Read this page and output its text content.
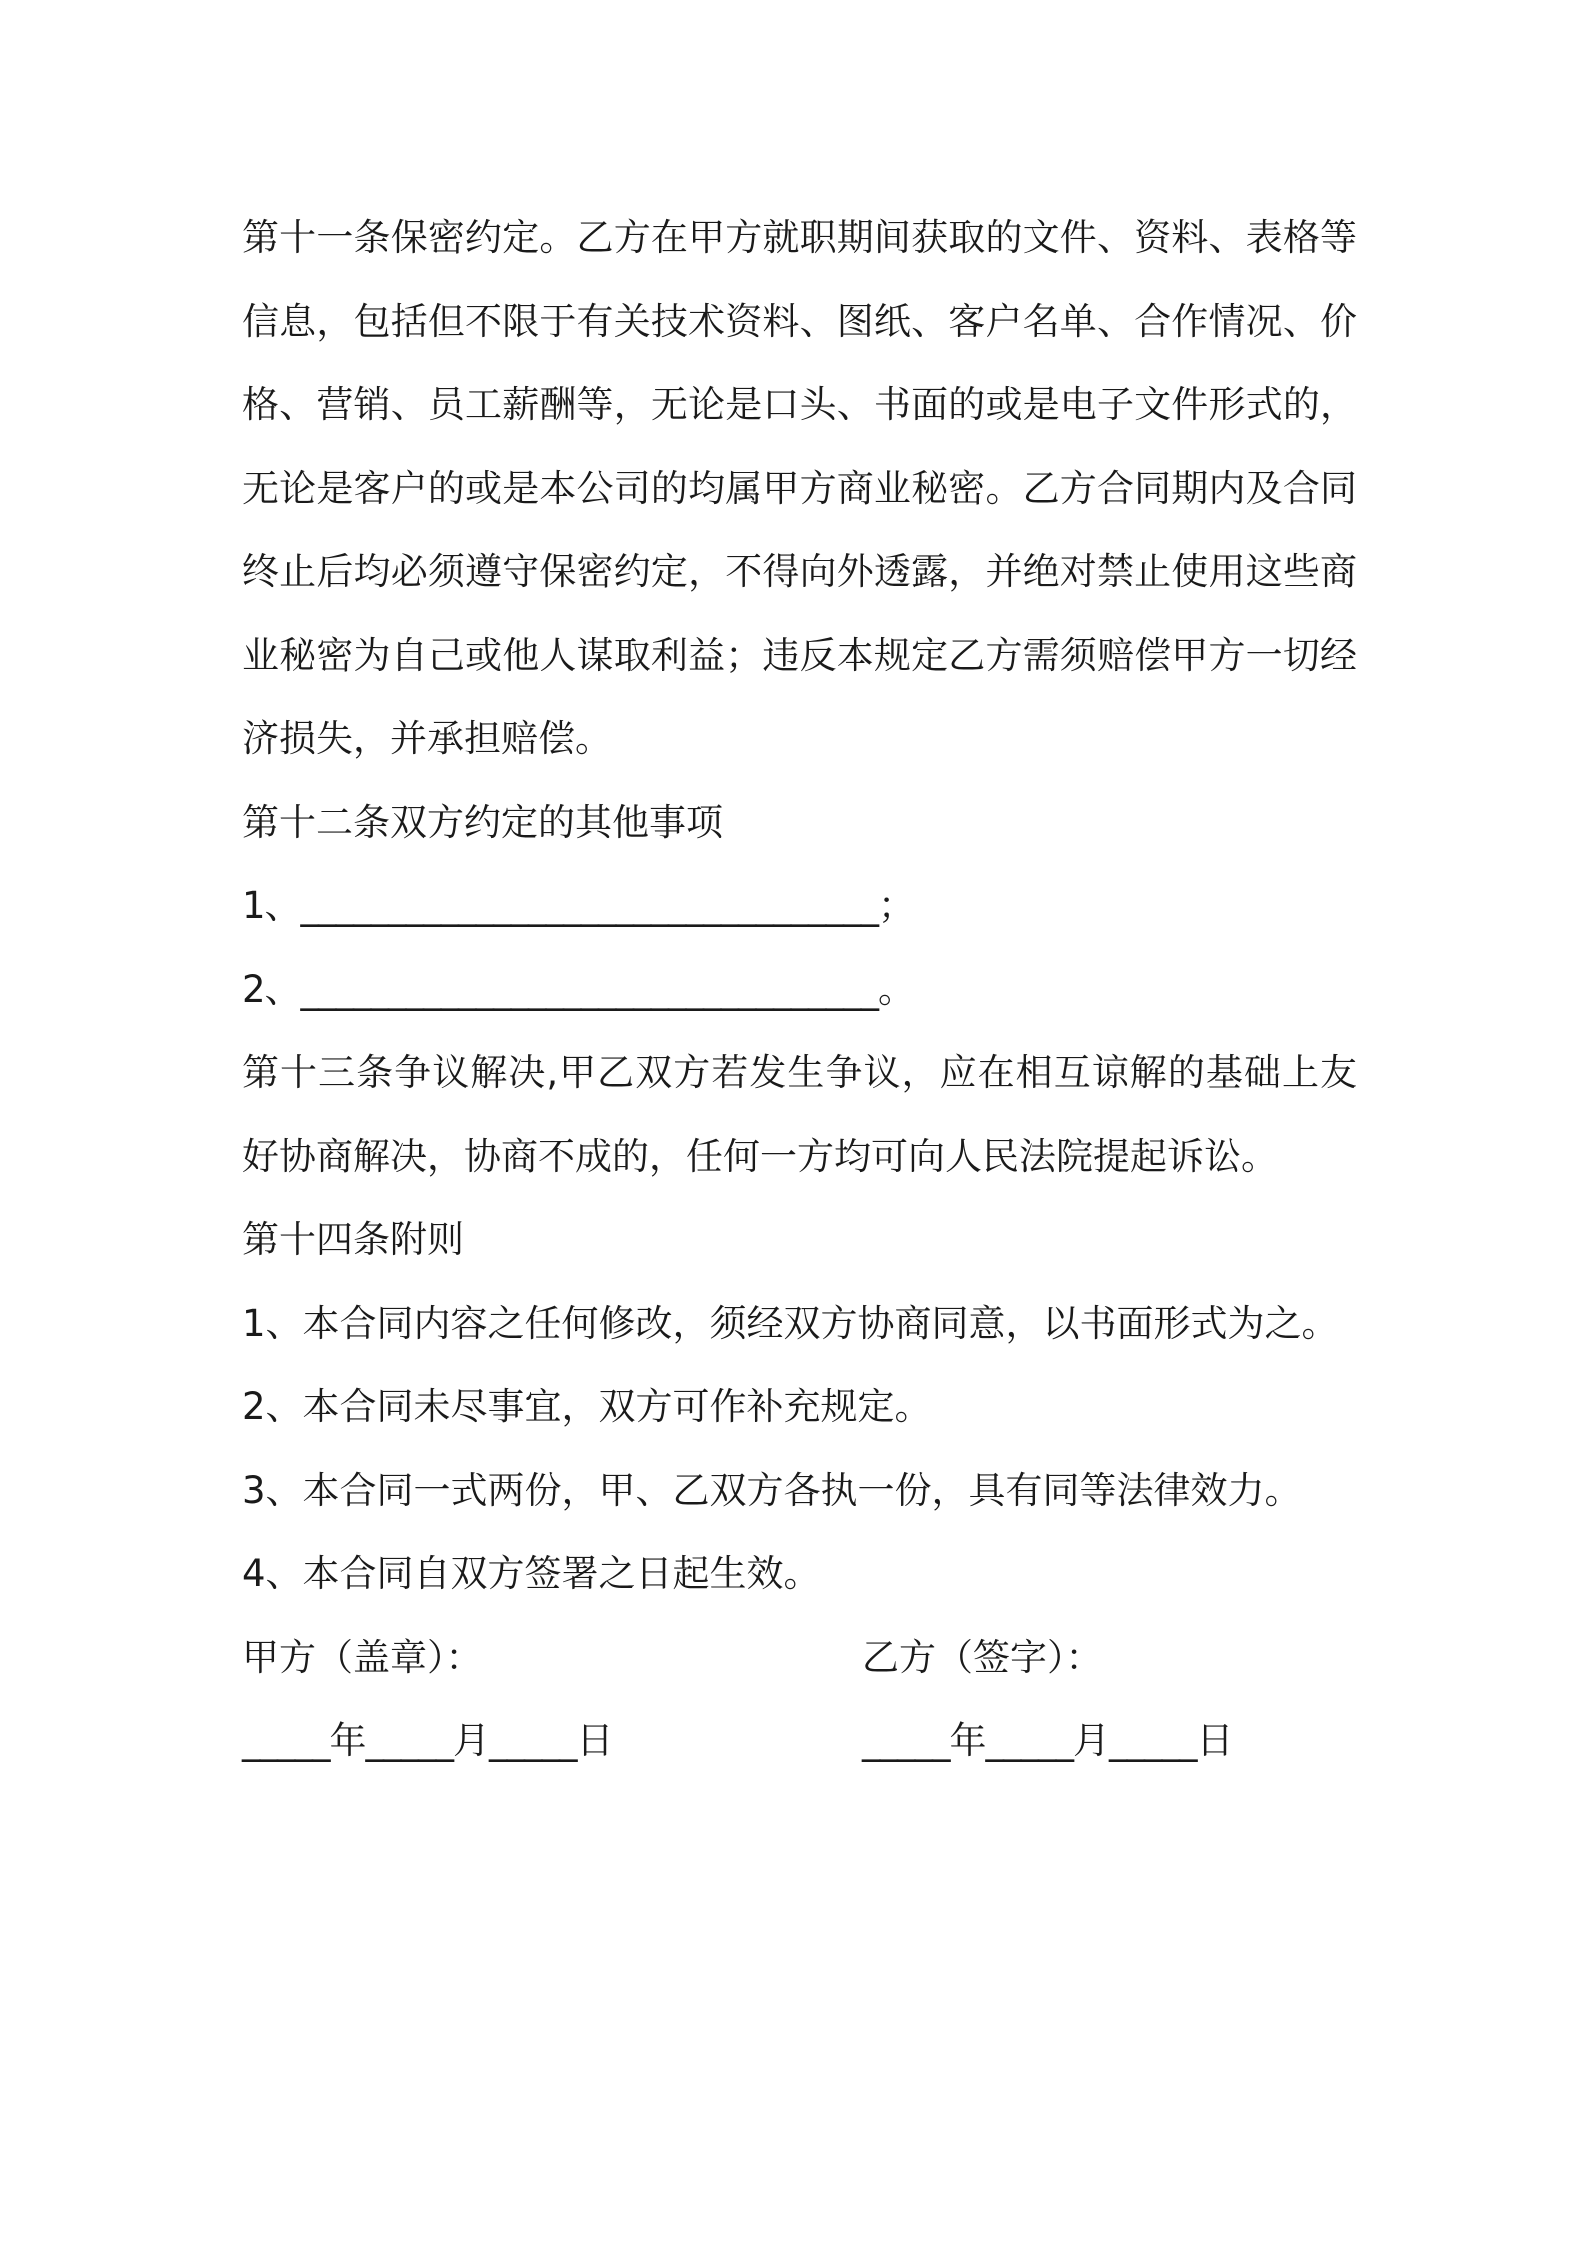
第十一条保密约定。乙方在甲方就职期间获取的文件、资料、表格等信息，包括但不限于有关技术资料、图纸、客户名单、合作情况、价格、营销、员工薪酬等，无论是口头、书面的或是电子文件形式的，无论是客户的或是本公司的均属甲方商业秘密。乙方合同期内及合同终止后均必须遵守保密约定，不得向外透露，并绝对禁止使用这些商业秘密为自己或他人谋取利益；违反本规定乙方需须赔偿甲方一切经济损失，并承担赔偿。

第十二条双方约定的其他事项

1、_________________________________；

2、_________________________________。

第十三条争议解决,甲乙双方若发生争议，应在相互谅解的基础上友好协商解决，协商不成的，任何一方均可向人民法院提起诉讼。

第十四条附则

1、本合同内容之任何修改，须经双方协商同意，以书面形式为之。

2、本合同未尽事宜，双方可作补充规定。

3、本合同一式两份，甲、乙双方各执一份，具有同等法律效力。

4、本合同自双方签署之日起生效。

甲方（盖章）：	乙方（签字）：
_____年_____月_____日	_____年_____月_____日
